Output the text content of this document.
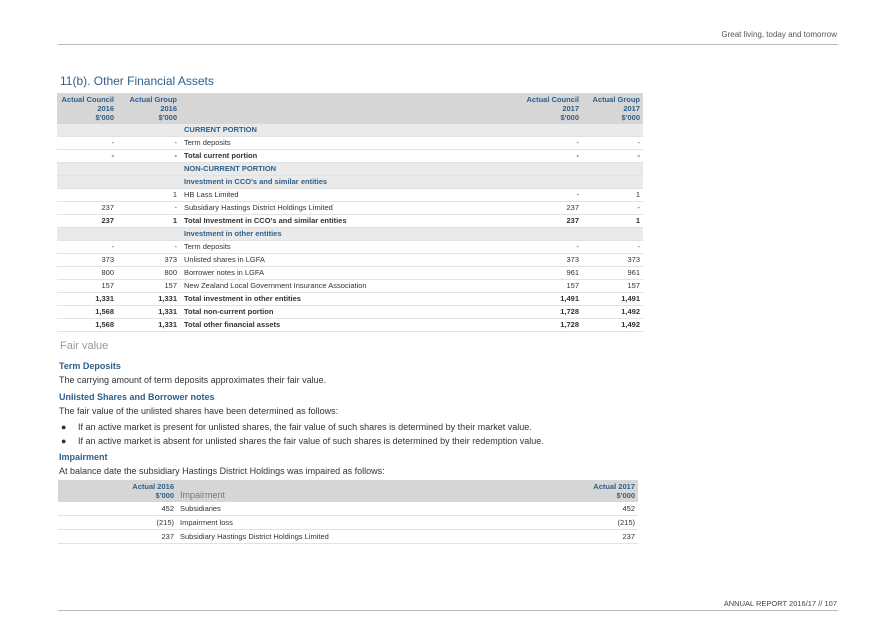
Great living, today and tomorrow
11(b). Other Financial Assets
Actual Council
2016
$'000	Actual Group
2016
$'000		Actual Council
2017
$'000	Actual Group
2017
$'000
		CURRENT PORTION		
-	-	Term deposits	-	-
-	-	Total current portion	-	-
		NON-CURRENT PORTION		
		Investment in CCO's and similar entities		
	1	HB Lass Limited	-	1
237	-	Subsidiary Hastings District Holdings Limited	237	-
237	1	Total Investment in CCO's and similar entities	237	1
		Investment in other entities		
-	-	Term deposits	-	-
373	373	Unlisted shares in LGFA	373	373
800	800	Borrower notes in LGFA	961	961
157	157	New Zealand Local Government Insurance Association	157	157
1,331	1,331	Total investment in other entities	1,491	1,491
1,568	1,331	Total non-current portion	1,728	1,492
1,568	1,331	Total other financial assets	1,728	1,492
Fair value
Term Deposits
The carrying amount of term deposits approximates their fair value.
Unlisted Shares and Borrower notes
The fair value of the unlisted shares have been determined as follows:
● If an active market is present for unlisted shares, the fair value of such shares is determined by their market value.
● If an active market is absent for unlisted shares the fair value of such shares is determined by their redemption value.
Impairment
At balance date the subsidiary Hastings District Holdings was impaired as follows:
Actual 2016
$'000	Impairment	Actual 2017
$'000
452	Subsidiaries	452
(215)	Impairment loss	(215)
237	Subsidiary Hastings District Holdings Limited	237
ANNUAL REPORT 2016/17 // 107
